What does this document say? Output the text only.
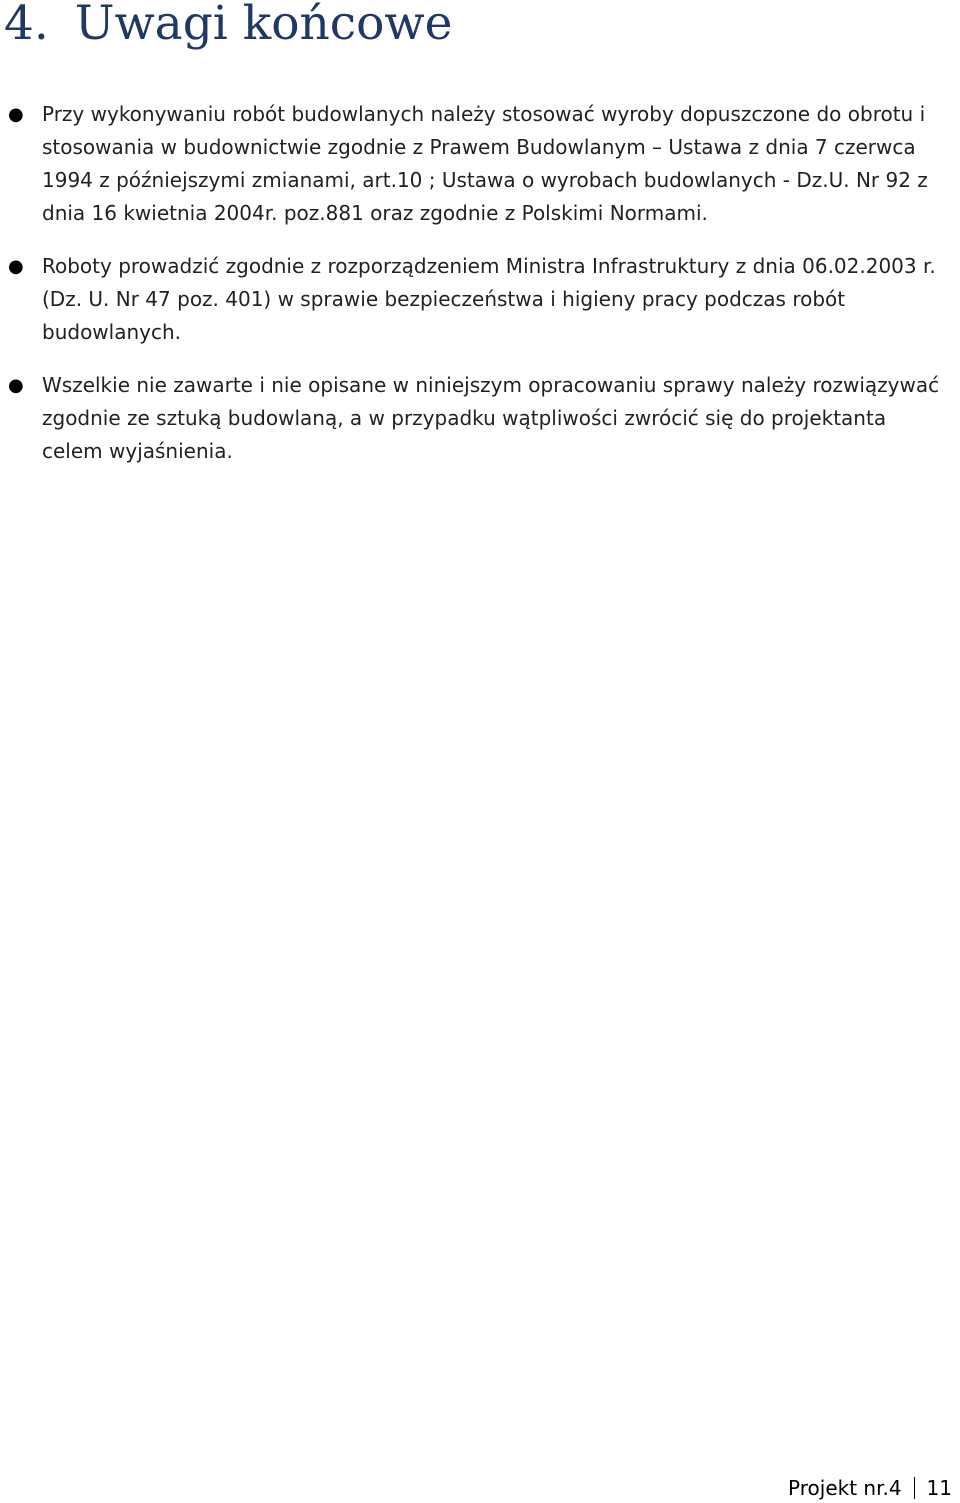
4. Uwagi końcowe
● Przy wykonywaniu robót budowlanych należy stosować wyroby dopuszczone do obrotu i stosowania w budownictwie zgodnie z Prawem Budowlanym – Ustawa z dnia 7 czerwca 1994 z późniejszymi zmianami, art.10 ; Ustawa o wyrobach budowlanych - Dz.U. Nr 92 z dnia 16 kwietnia 2004r. poz.881 oraz zgodnie z Polskimi Normami.
● Roboty prowadzić zgodnie z rozporządzeniem Ministra Infrastruktury z dnia 06.02.2003 r. (Dz. U. Nr 47 poz. 401) w sprawie bezpieczeństwa i higieny pracy podczas robót budowlanych.
● Wszelkie nie zawarte i nie opisane w niniejszym opracowaniu sprawy należy rozwiązywać zgodnie ze sztuką budowlaną, a w przypadku wątpliwości zwrócić się do projektanta celem wyjaśnienia.
Projekt nr.4 11
